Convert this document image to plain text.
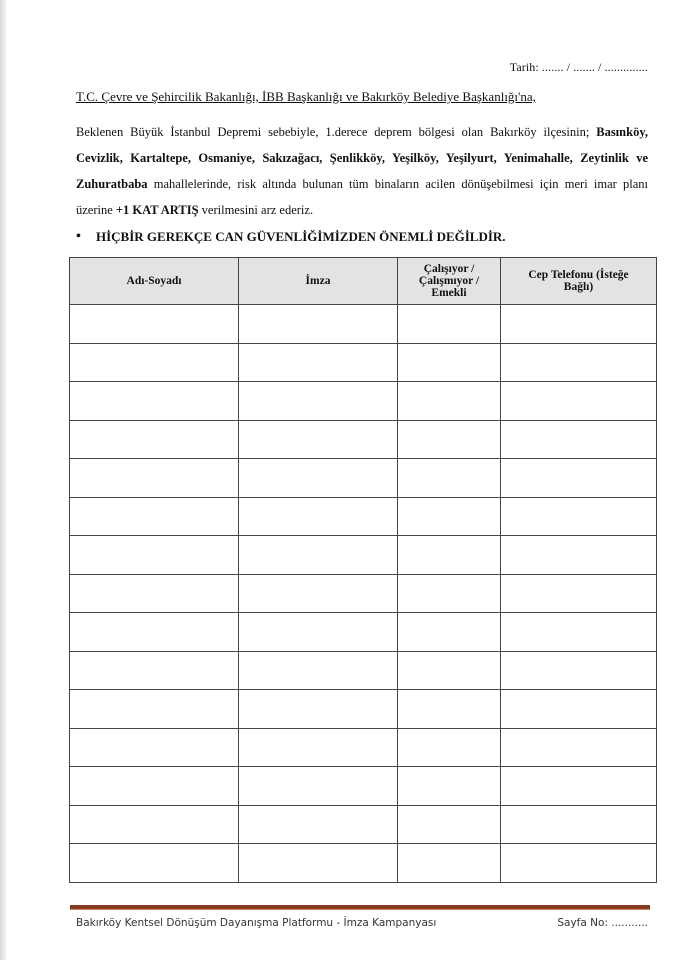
Tarih: ....... / ....... / ..............
T.C. Çevre ve Şehircilik Bakanlığı, İBB Başkanlığı ve Bakırköy Belediye Başkanlığı'na,
Beklenen Büyük İstanbul Depremi sebebiyle, 1.derece deprem bölgesi olan Bakırköy ilçesinin; Basınköy, Cevizlik, Kartaltepe, Osmaniye, Sakızağacı, Şenlikköy, Yeşilköy, Yeşilyurt, Yenimahalle, Zeytinlik ve Zuhuratbaba mahallelerinde, risk altında bulunan tüm binaların acilen dönüşebilmesi için meri imar planı üzerine +1 KAT ARTIŞ verilmesini arz ederiz.
•	HİÇBİR GEREKÇE CAN GÜVENLİĞİMİZDEN ÖNEMLİ DEĞİLDİR.
Adı-Soyadı	İmza	Çalışıyor / Çalışmıyor / Emekli	Cep Telefonu (İsteğe Bağlı)

Bakırköy Kentsel Dönüşüm Dayanışma Platformu - İmza Kampanyası	Sayfa No: ...........
